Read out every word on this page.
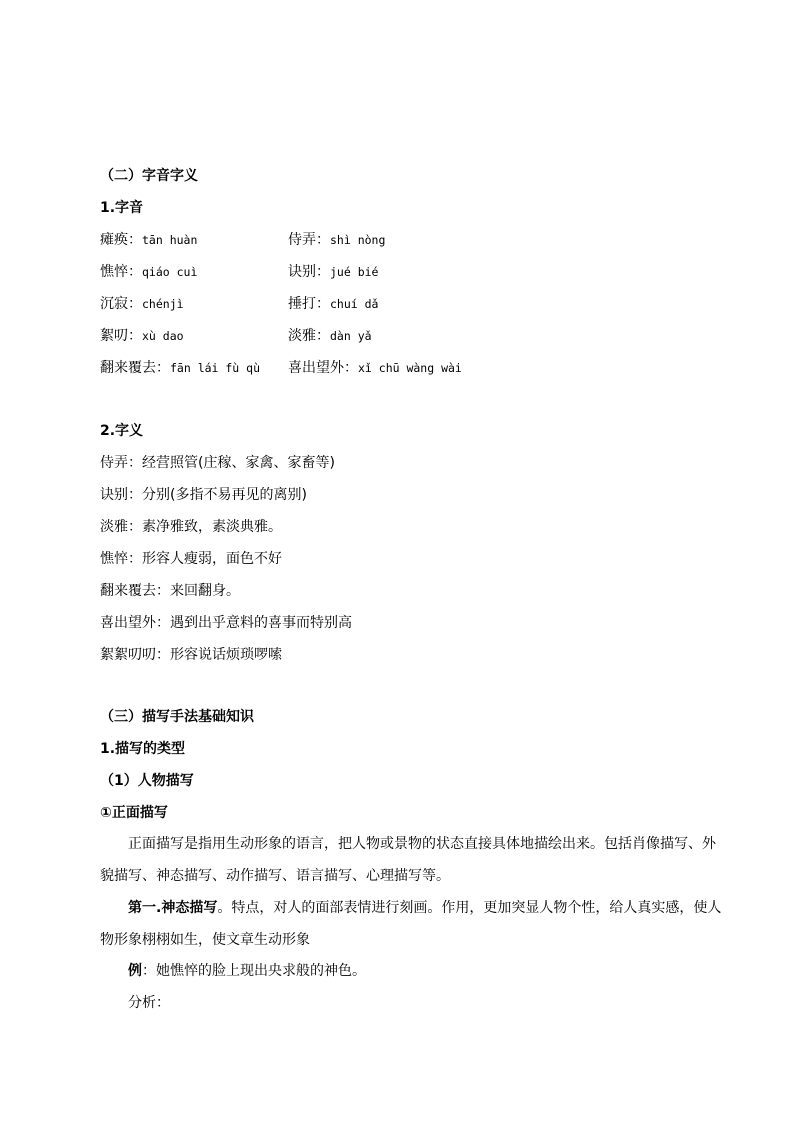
（二）字音字义
1.字音
瘫痪：tān huàn	侍弄：shì nòng
憔悴：qiáo cuì	诀别：jué bié
沉寂：chénjì	捶打：chuí dǎ
絮叨：xù dao	淡雅：dàn yǎ
翻来覆去：fān lái fù qù 喜出望外：xǐ chū wàng wài
2.字义
侍弄：经营照管(庄稼、家禽、家畜等)
诀别：分别(多指不易再见的离别)
淡雅：素净雅致，素淡典雅。
憔悴：形容人瘦弱，面色不好
翻来覆去：来回翻身。
喜出望外：遇到出乎意料的喜事而特别高
絮絮叨叨：形容说话烦琐啰嗦
（三）描写手法基础知识
1.描写的类型
（1）人物描写
①正面描写
正面描写是指用生动形象的语言，把人物或景物的状态直接具体地描绘出来。包括肖像描写、外貌描写、神态描写、动作描写、语言描写、心理描写等。
第一.神态描写。特点，对人的面部表情进行刻画。作用，更加突显人物个性，给人真实感，使人物形象栩栩如生，使文章生动形象
例：她憔悴的脸上现出央求般的神色。
分析：
